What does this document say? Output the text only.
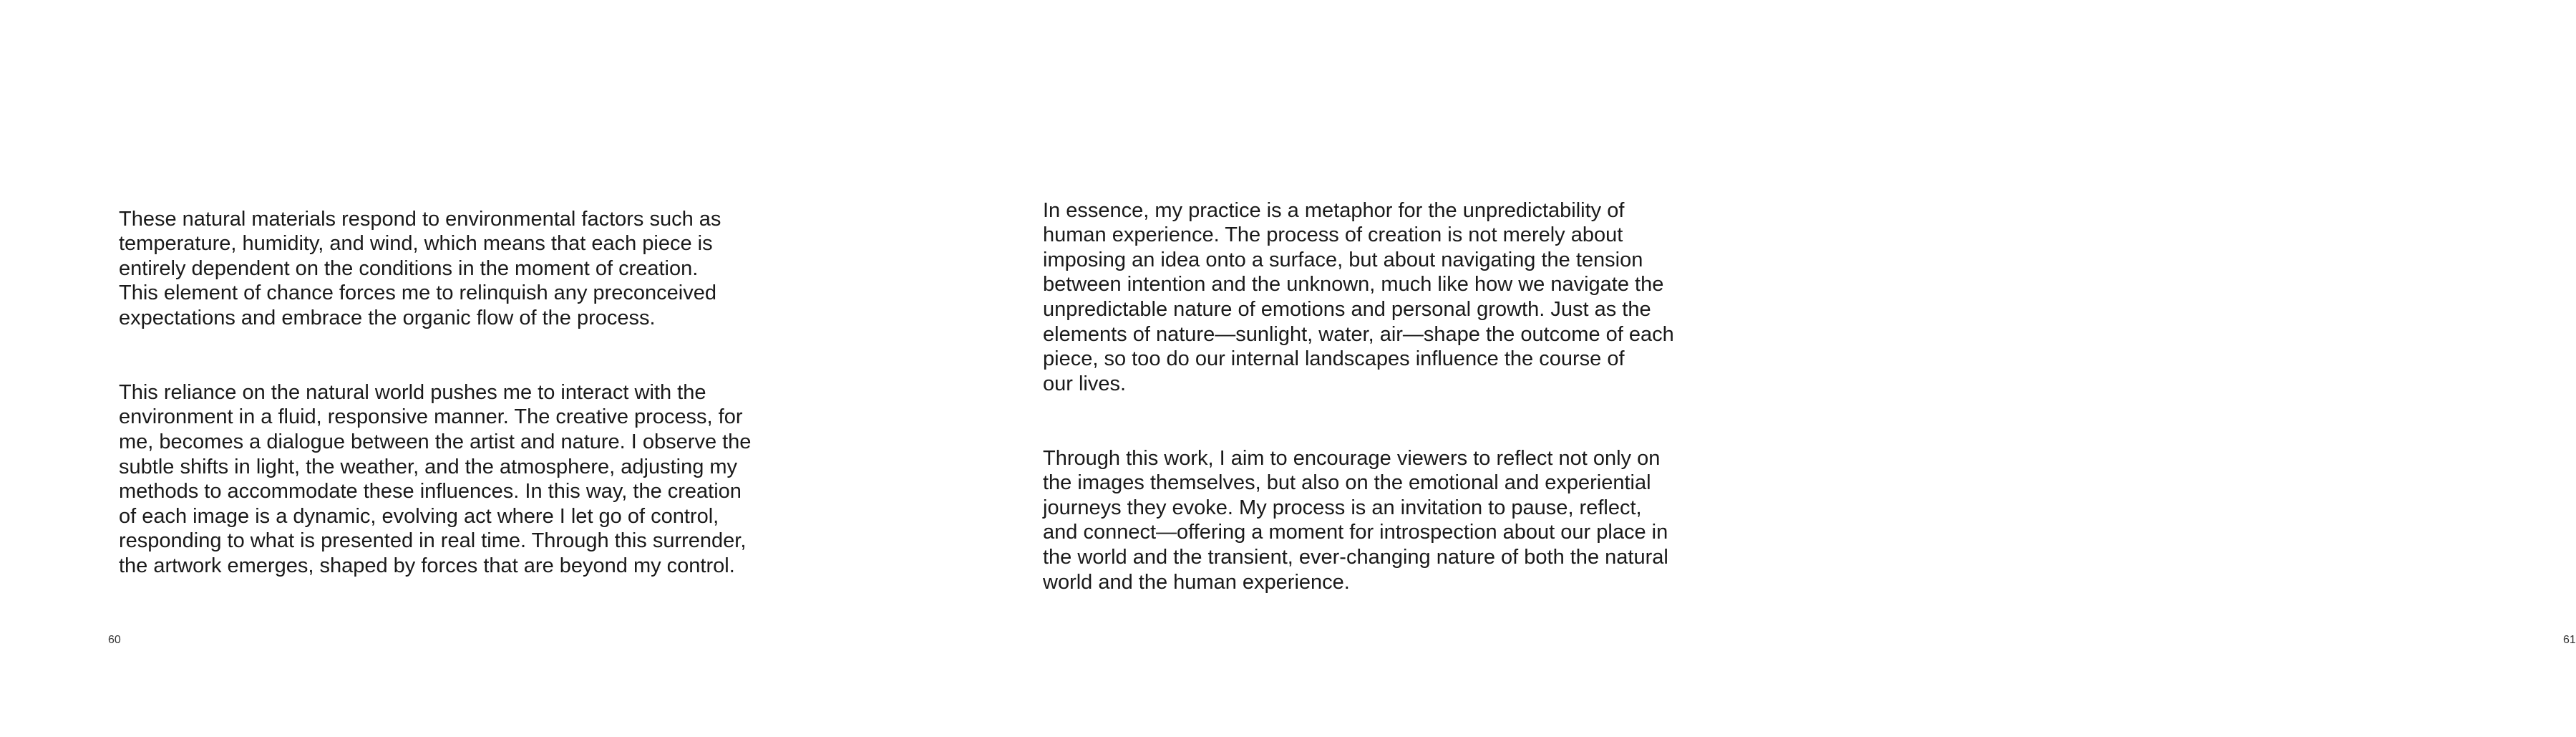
These natural materials respond to environmental factors such as
temperature, humidity, and wind, which means that each piece is
entirely dependent on the conditions in the moment of creation.
This element of chance forces me to relinquish any preconceived
expectations and embrace the organic flow of the process.

This reliance on the natural world pushes me to interact with the
environment in a fluid, responsive manner. The creative process, for
me, becomes a dialogue between the artist and nature. I observe the
subtle shifts in light, the weather, and the atmosphere, adjusting my
methods to accommodate these influences. In this way, the creation
of each image is a dynamic, evolving act where I let go of control,
responding to what is presented in real time. Through this surrender,
the artwork emerges, shaped by forces that are beyond my control.

60

In essence, my practice is a metaphor for the unpredictability of
human experience. The process of creation is not merely about
imposing an idea onto a surface, but about navigating the tension
between intention and the unknown, much like how we navigate the
unpredictable nature of emotions and personal growth. Just as the
elements of nature—sunlight, water, air—shape the outcome of each
piece, so too do our internal landscapes influence the course of
our lives.

Through this work, I aim to encourage viewers to reflect not only on
the images themselves, but also on the emotional and experiential
journeys they evoke. My process is an invitation to pause, reflect,
and connect—offering a moment for introspection about our place in
the world and the transient, ever-changing nature of both the natural
world and the human experience.

61
